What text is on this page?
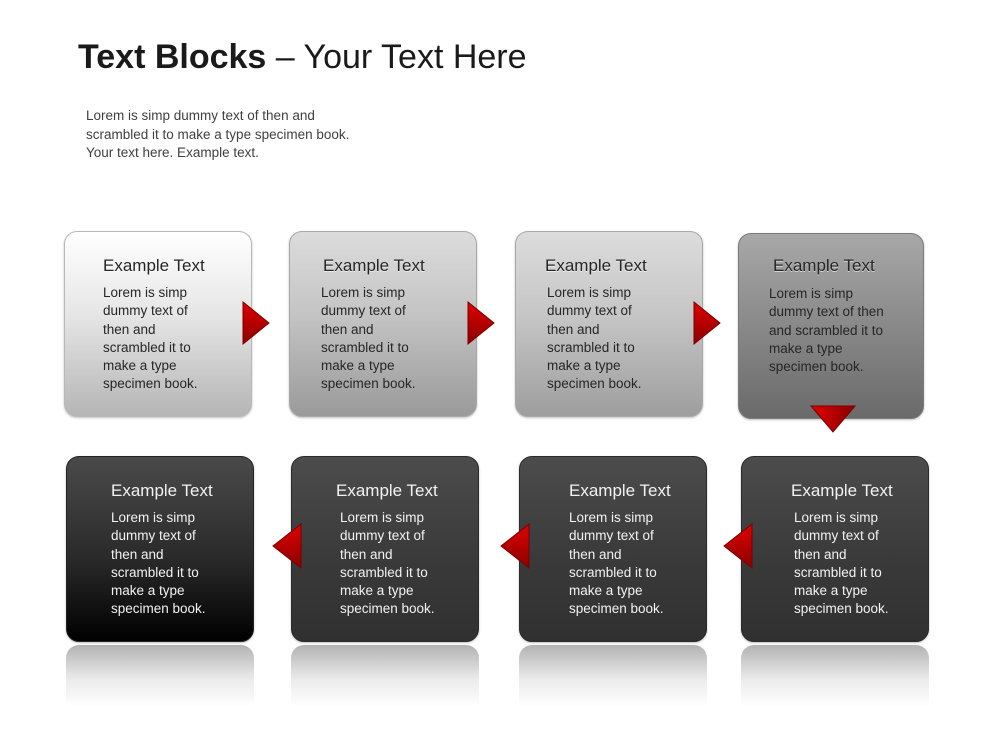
Text Blocks – Your Text Here
Lorem is simp dummy text of then and
scrambled it to make a type specimen book.
Your text here. Example text.
Example Text
Lorem is simp
dummy text of
then and
scrambled it to
make a type
specimen book.
Example Text
Lorem is simp
dummy text of
then and
scrambled it to
make a type
specimen book.
Example Text
Lorem is simp
dummy text of
then and
scrambled it to
make a type
specimen book.
Example Text
Lorem is simp
dummy text of then
and scrambled it to
make a type
specimen book.
Example Text
Lorem is simp
dummy text of
then and
scrambled it to
make a type
specimen book.
Example Text
Lorem is simp
dummy text of
then and
scrambled it to
make a type
specimen book.
Example Text
Lorem is simp
dummy text of
then and
scrambled it to
make a type
specimen book.
Example Text
Lorem is simp
dummy text of
then and
scrambled it to
make a type
specimen book.
